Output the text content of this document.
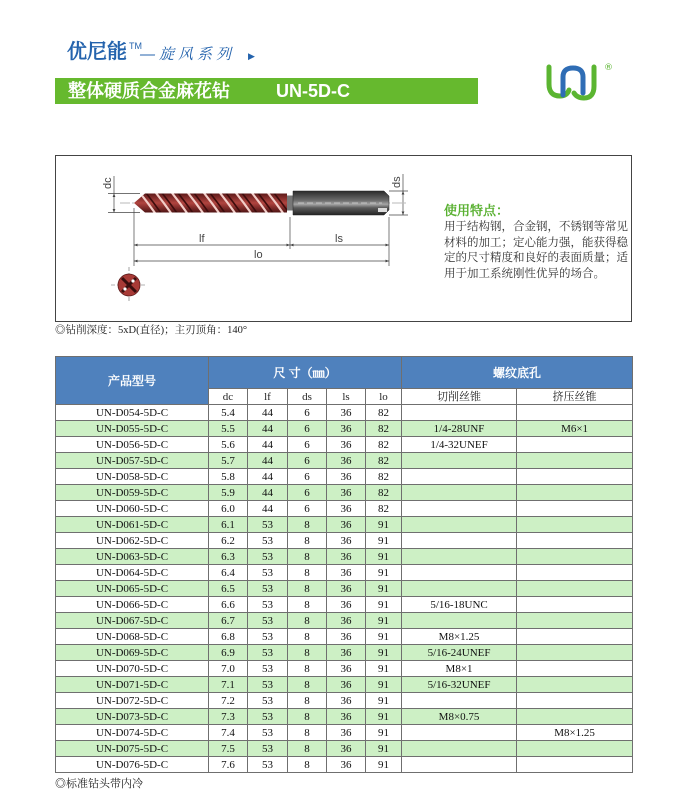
优尼能 TM
—旋风系列 ▶
整体硬质合金麻花钻	UN-5D-C
®
dc	ds
lf	ls
lo
使用特点：
用于结构钢，合金钢，不锈钢等常见
材料的加工；定心能力强，能获得稳
定的尺寸精度和良好的表面质量；适
用于加工系统刚性优异的场合。
◎钻削深度：5xD(直径)；主刃顶角：140°
产品型号	尺 寸（㎜）					螺纹底孔	
	dc	lf	ds	ls	lo	切削丝锥	挤压丝锥
UN-D054-5D-C	5.4	44	6	36	82		
UN-D055-5D-C	5.5	44	6	36	82	1/4-28UNF	M6×1
UN-D056-5D-C	5.6	44	6	36	82	1/4-32UNEF	
UN-D057-5D-C	5.7	44	6	36	82		
UN-D058-5D-C	5.8	44	6	36	82		
UN-D059-5D-C	5.9	44	6	36	82		
UN-D060-5D-C	6.0	44	6	36	82		
UN-D061-5D-C	6.1	53	8	36	91		
UN-D062-5D-C	6.2	53	8	36	91		
UN-D063-5D-C	6.3	53	8	36	91		
UN-D064-5D-C	6.4	53	8	36	91		
UN-D065-5D-C	6.5	53	8	36	91		
UN-D066-5D-C	6.6	53	8	36	91	5/16-18UNC	
UN-D067-5D-C	6.7	53	8	36	91		
UN-D068-5D-C	6.8	53	8	36	91	M8×1.25	
UN-D069-5D-C	6.9	53	8	36	91	5/16-24UNEF	
UN-D070-5D-C	7.0	53	8	36	91	M8×1	
UN-D071-5D-C	7.1	53	8	36	91	5/16-32UNEF	
UN-D072-5D-C	7.2	53	8	36	91		
UN-D073-5D-C	7.3	53	8	36	91	M8×0.75	
UN-D074-5D-C	7.4	53	8	36	91		M8×1.25
UN-D075-5D-C	7.5	53	8	36	91		
UN-D076-5D-C	7.6	53	8	36	91		
◎标准钻头带内冷
